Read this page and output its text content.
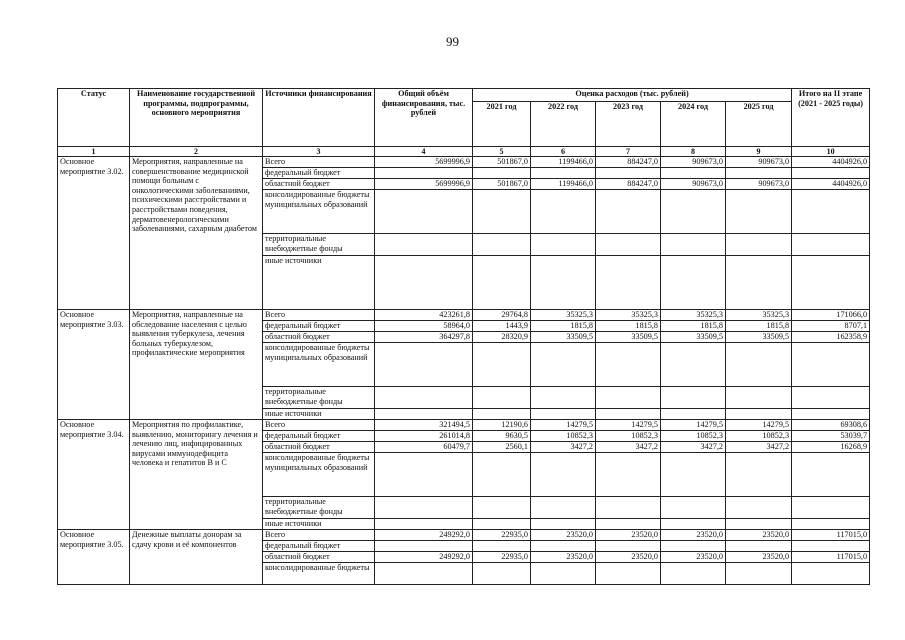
99
Статус	Наименование государственной программы, подпрограммы, основного мероприятия	Источники финансирования	Общий объём финансирования, тыс. рублей	Оценка расходов (тыс. рублей)					Итого на II этапе (2021 - 2025 годы)
				2021 год	2022 год	2023 год	2024 год	2025 год	
1	2	3	4	5	6	7	8	9	10
Основное мероприятие 3.02.	Мероприятия, направленные на совершенствование медицинской помощи больным с онкологическими заболеваниями, психическими расстройствами и расстройствами поведения, дерматовенерологическими заболеваниями, сахарным диабетом	Всего	5699996,9	501867,0	1199466,0	884247,0	909673,0	909673,0	4404926,0
		федеральный бюджет							
		областной бюджет	5699996,9	501867,0	1199466,0	884247,0	909673,0	909673,0	4404926,0
		консолидированные бюджеты муниципальных образований							
		территориальные внебюджетные фонды							
		иные источники							
Основное мероприятие 3.03.	Мероприятия, направленные на обследование населения с целью выявления туберкулеза, лечения больных туберкулезом, профилактические мероприятия	Всего	423261,8	29764,8	35325,3	35325,3	35325,3	35325,3	171066,0
		федеральный бюджет	58964,0	1443,9	1815,8	1815,8	1815,8	1815,8	8707,1
		областной бюджет	364297,8	28320,9	33509,5	33509,5	33509,5	33509,5	162358,9
		консолидированные бюджеты муниципальных образований							
		территориальные внебюджетные фонды							
		иные источники							
Основное мероприятие 3.04.	Мероприятия по профилактике, выявлению, мониторингу лечения и лечению лиц, инфицированных вирусами иммунодефицита человека и гепатитов В и С	Всего	321494,5	12190,6	14279,5	14279,5	14279,5	14279,5	69308,6
		федеральный бюджет	261014,8	9630,5	10852,3	10852,3	10852,3	10852,3	53039,7
		областной бюджет	60479,7	2560,1	3427,2	3427,2	3427,2	3427,2	16268,9
		консолидированные бюджеты муниципальных образований							
		территориальные внебюджетные фонды							
		иные источники							
Основное мероприятие 3.05.	Денежные выплаты донорам за сдачу крови и её компонентов	Всего	249292,0	22935,0	23520,0	23520,0	23520,0	23520,0	117015,0
		федеральный бюджет							
		областной бюджет	249292,0	22935,0	23520,0	23520,0	23520,0	23520,0	117015,0
		консолидированные бюджеты							
